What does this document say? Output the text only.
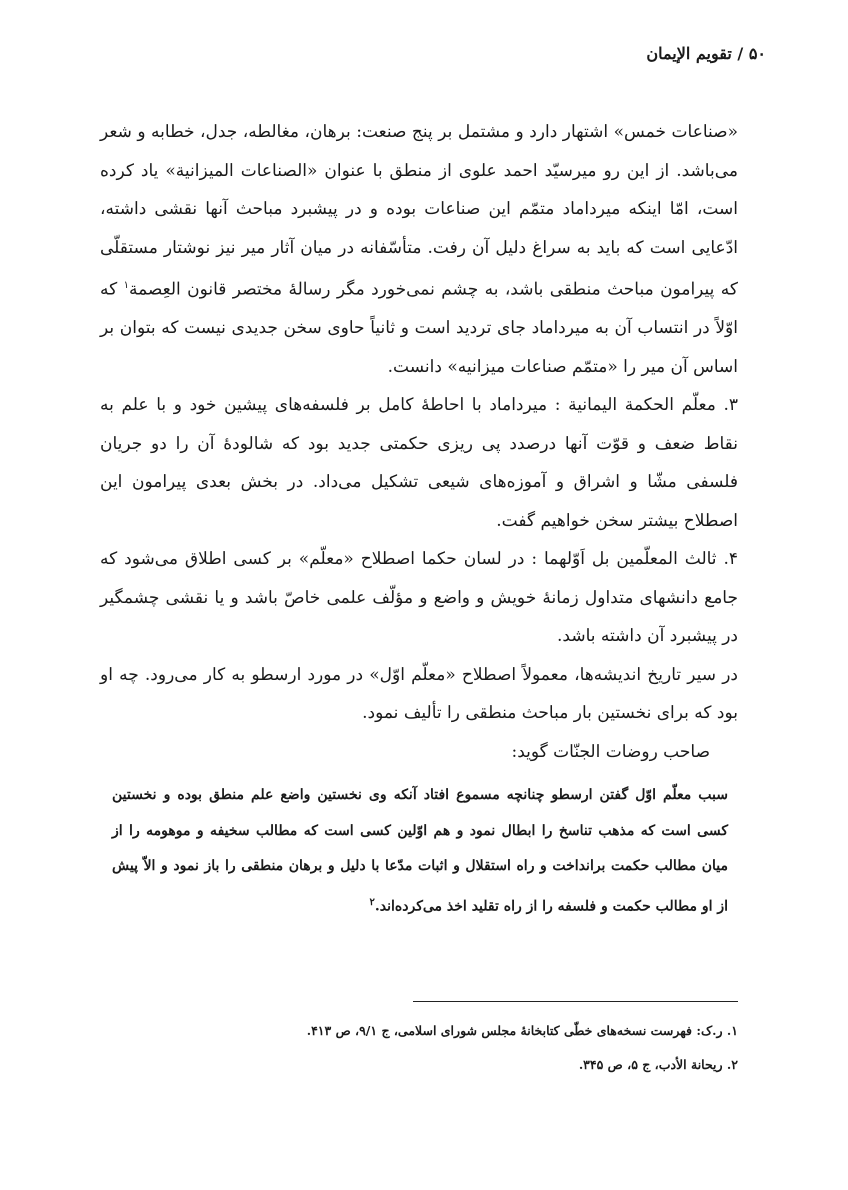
۵۰ / تقویم الإیمان

«صناعات خمس» اشتهار دارد و مشتمل بر پنج صنعت: برهان، مغالطه، جدل، خطابه و شعر می‌باشد. از این رو میرسیّد احمد علوی از منطق با عنوان «الصناعات المیزانیة» یاد کرده است، امّا اینکه میرداماد متمّم این صناعات بوده و در پیشبرد مباحث آنها نقشی داشته، ادّعایی است که باید به سراغ دلیل آن رفت. متأسّفانه در میان آثار میر نیز نوشتار مستقلّی که پیرامون مباحث منطقی باشد، به چشم نمی‌خورد مگر رسالهٔ مختصر قانون العِصمة$^۱$ که اوّلاً در انتساب آن به میرداماد جای تردید است و ثانیاً حاوی سخن جدیدی نیست که بتوان بر اساس آن میر را «متمّم صناعات میزانیه» دانست.

۳. معلّم الحکمة الیمانیة : میرداماد با احاطهٔ کامل بر فلسفه‌های پیشین خود و با علم به نقاط ضعف و قوّت آنها درصدد پی ریزی حکمتی جدید بود که شالودهٔ آن را دو جریان فلسفی مشّا و اشراق و آموزه‌های شیعی تشکیل می‌داد. در بخش بعدی پیرامون این اصطلاح بیشتر سخن خواهیم گفت.

۴. ثالث المعلّمین بل اَوّلهما : در لسان حکما اصطلاح «معلّم» بر کسی اطلاق می‌شود که جامع دانشهای متداول زمانهٔ خویش و واضع و مؤلّف علمی خاصّ باشد و یا نقشی چشمگیر در پیشبرد آن داشته باشد.

در سیر تاریخ اندیشه‌ها، معمولاً اصطلاح «معلّم اوّل» در مورد ارسطو به کار می‌رود. چه او بود که برای نخستین بار مباحث منطقی را تألیف نمود.

صاحب روضات الجنّات گوید:

سبب معلّم اوّل گفتن ارسطو چنانچه مسموع افتاد آنکه وی نخستین واضع علم منطق بوده و نخستین کسی است که مذهب تناسخ را ابطال نمود و هم اوّلین کسی است که مطالب سخیفه و موهومه را از میان مطالب حکمت برانداخت و راه استقلال و اثبات مدّعا با دلیل و برهان منطقی را باز نمود و الاّ پیش از او مطالب حکمت و فلسفه را از راه تقلید اخذ می‌کرده‌اند.$^۲$

۱. ر.ک: فهرست نسخه‌های خطّی کتابخانهٔ مجلس شورای اسلامی، ج ۹/۱، ص ۴۱۳.

۲. ریحانة الأدب، ج ۵، ص ۳۴۵.
